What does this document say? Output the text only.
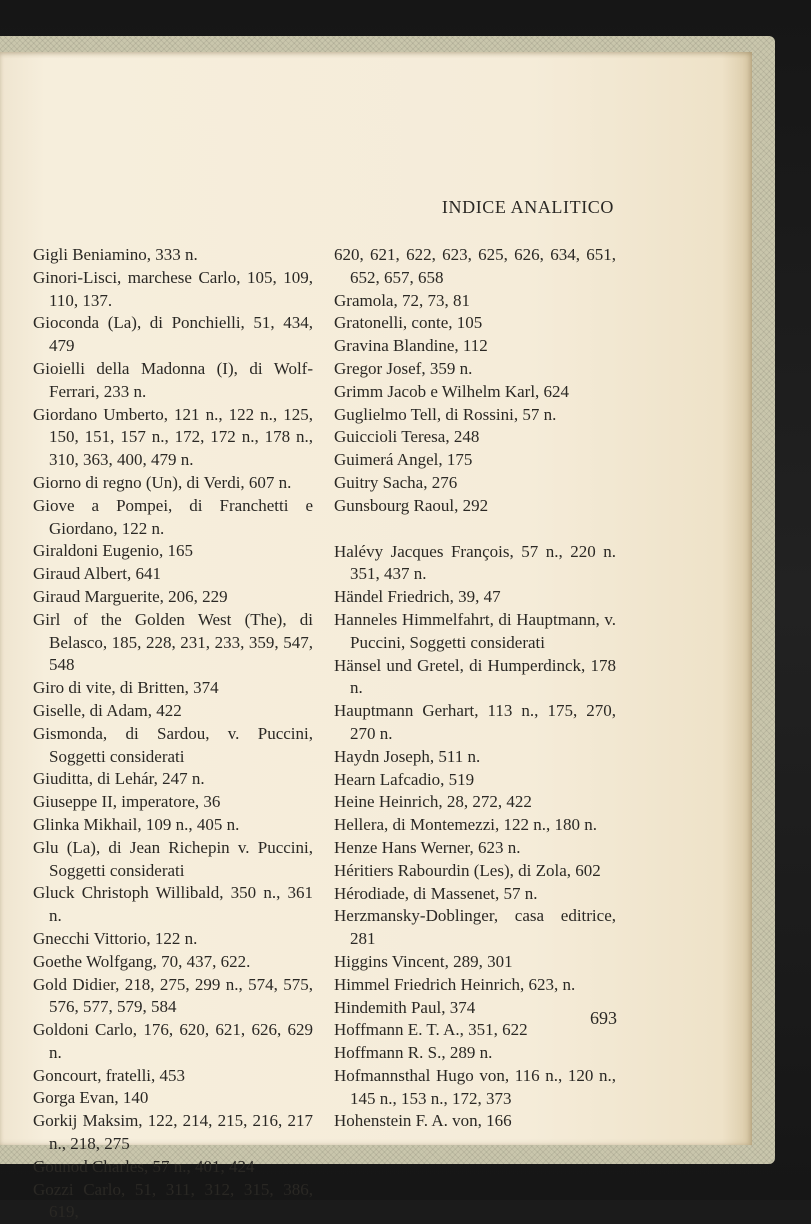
INDICE ANALITICO

Gigli Beniamino, 333 n.

Ginori-Lisci, marchese Carlo, 105, 109, 110, 137.

Gioconda (La), di Ponchielli, 51, 434, 479

Gioielli della Madonna (I), di Wolf-Ferrari, 233 n.

Giordano Umberto, 121 n., 122 n., 125, 150, 151, 157 n., 172, 172 n., 178 n., 310, 363, 400, 479 n.

Giorno di regno (Un), di Verdi, 607 n.

Giove a Pompei, di Franchetti e Giordano, 122 n.

Giraldoni Eugenio, 165

Giraud Albert, 641

Giraud Marguerite, 206, 229

Girl of the Golden West (The), di Belasco, 185, 228, 231, 233, 359, 547, 548

Giro di vite, di Britten, 374

Giselle, di Adam, 422

Gismonda, di Sardou, v. Puccini, Soggetti considerati

Giuditta, di Lehár, 247 n.

Giuseppe II, imperatore, 36

Glinka Mikhail, 109 n., 405 n.

Glu (La), di Jean Richepin v. Puccini, Soggetti considerati

Gluck Christoph Willibald, 350 n., 361 n.

Gnecchi Vittorio, 122 n.

Goethe Wolfgang, 70, 437, 622.

Gold Didier, 218, 275, 299 n., 574, 575, 576, 577, 579, 584

Goldoni Carlo, 176, 620, 621, 626, 629 n.

Goncourt, fratelli, 453

Gorga Evan, 140

Gorkij Maksim, 122, 214, 215, 216, 217 n., 218, 275

Gounod Charles, 57 n., 401, 424

Gozzi Carlo, 51, 311, 312, 315, 386, 619,

620, 621, 622, 623, 625, 626, 634, 651, 652, 657, 658

Gramola, 72, 73, 81

Gratonelli, conte, 105

Gravina Blandine, 112

Gregor Josef, 359 n.

Grimm Jacob e Wilhelm Karl, 624

Guglielmo Tell, di Rossini, 57 n.

Guiccioli Teresa, 248

Guimerá Angel, 175

Guitry Sacha, 276

Gunsbourg Raoul, 292

Halévy Jacques François, 57 n., 220 n. 351, 437 n.

Händel Friedrich, 39, 47

Hanneles Himmelfahrt, di Hauptmann, v. Puccini, Soggetti considerati

Hänsel und Gretel, di Humperdinck, 178 n.

Hauptmann Gerhart, 113 n., 175, 270, 270 n.

Haydn Joseph, 511 n.

Hearn Lafcadio, 519

Heine Heinrich, 28, 272, 422

Hellera, di Montemezzi, 122 n., 180 n.

Henze Hans Werner, 623 n.

Héritiers Rabourdin (Les), di Zola, 602

Hérodiade, di Massenet, 57 n.

Herzmansky-Doblinger, casa editrice, 281

Higgins Vincent, 289, 301

Himmel Friedrich Heinrich, 623, n.

Hindemith Paul, 374

Hoffmann E. T. A., 351, 622

Hoffmann R. S., 289 n.

Hofmannsthal Hugo von, 116 n., 120 n., 145 n., 153 n., 172, 373

Hohenstein F. A. von, 166

693
